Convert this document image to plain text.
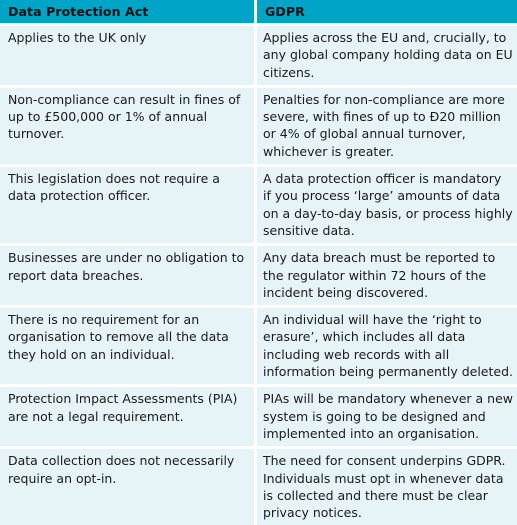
Data Protection Act	GDPR
Applies to the UK only	Applies across the EU and, crucially, to any global company holding data on EU citizens.
Non-compliance can result in fines of up to £500,000 or 1% of annual turnover.	Penalties for non-compliance are more severe, with fines of up to Ð20 million or 4% of global annual turnover, whichever is greater.
This legislation does not require a data protection officer.	A data protection officer is mandatory if you process ‘large’ amounts of data on a day-to-day basis, or process highly sensitive data.
Businesses are under no obligation to report data breaches.	Any data breach must be reported to the regulator within 72 hours of the incident being discovered.
There is no requirement for an organisation to remove all the data they hold on an individual.	An individual will have the ‘right to erasure’, which includes all data including web records with all information being permanently deleted.
Protection Impact Assessments (PIA) are not a legal requirement.	PIAs will be mandatory whenever a new system is going to be designed and implemented into an organisation.
Data collection does not necessarily require an opt-in.	The need for consent underpins GDPR. Individuals must opt in whenever data is collected and there must be clear privacy notices.
